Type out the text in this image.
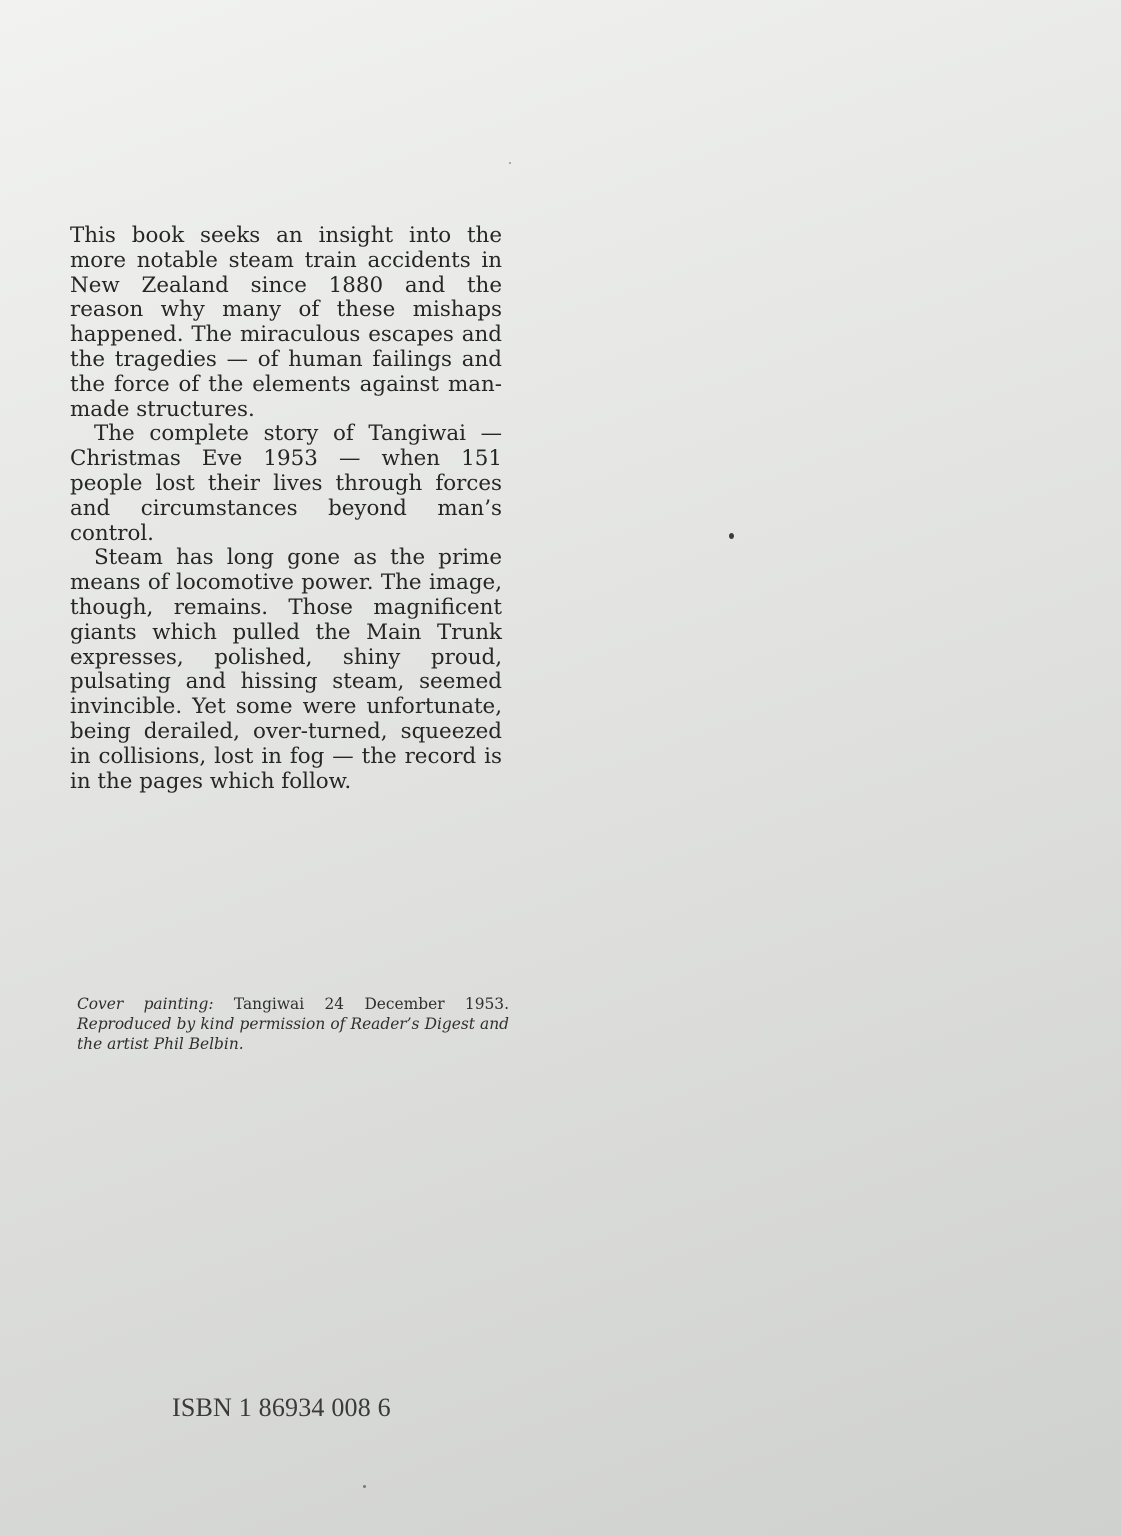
This book seeks an insight into the more notable steam train accidents in New Zealand since 1880 and the reason why many of these mishaps happened. The miraculous escapes and the tragedies — of human failings and the force of the elements against man-made structures.

The complete story of Tangiwai — Christmas Eve 1953 — when 151 people lost their lives through forces and circumstances beyond man’s control.

Steam has long gone as the prime means of locomotive power. The image, though, remains. Those magnificent giants which pulled the Main Trunk expresses, polished, shiny proud, pulsating and hissing steam, seemed invincible. Yet some were unfortunate, being derailed, over-turned, squeezed in collisions, lost in fog — the record is in the pages which follow.

Cover painting: Tangiwai 24 December 1953. Reproduced by kind permission of Reader’s Digest and the artist Phil Belbin.
ISBN 1 86934 008 6
